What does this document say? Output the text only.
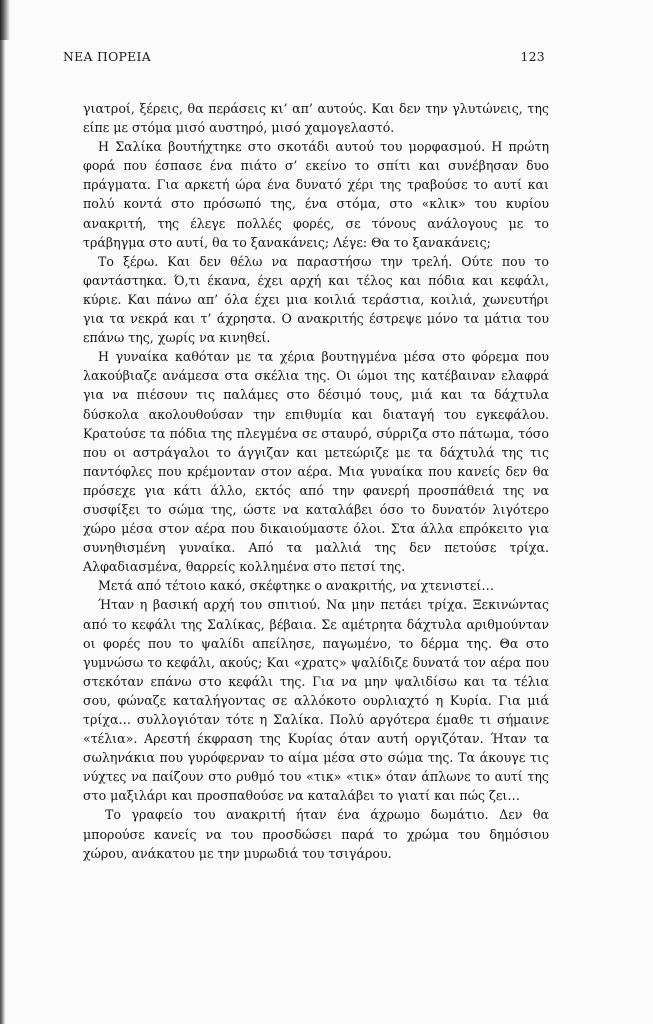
ΝΕΑ ΠΟΡΕΙΑ	123

γιατροί, ξέρεις, θα περάσεις κι’ απ’ αυτούς. Και δεν την γλυτώνεις, της είπε με στόμα μισό αυστηρό, μισό χαμογελαστό.

Η Σαλίκα βουτήχτηκε στο σκοτάδι αυτού του μορφασμού. Η πρώτη φορά που έσπασε ένα πιάτο σ’ εκείνο το σπίτι και συνέβησαν δυο πράγματα. Για αρκετή ώρα ένα δυνατό χέρι της τραβούσε το αυτί και πολύ κοντά στο πρόσωπό της, ένα στόμα, στο «κλικ» του κυρίου ανακριτή, της έλεγε πολλές φορές, σε τόνους ανάλογους με το τράβηγμα στο αυτί, θα το ξανακάνεις; Λέγε: Θα το ξανακάνεις;

Το ξέρω. Και δεν θέλω να παραστήσω την τρελή. Ούτε που το φαντάστηκα. Ό,τι έκανα, έχει αρχή και τέλος και πόδια και κεφάλι, κύριε. Και πάνω απ’ όλα έχει μια κοιλιά τεράστια, κοιλιά, χωνευτήρι για τα νεκρά και τ’ άχρηστα. Ο ανακριτής έστρεψε μόνο τα μάτια του επάνω της, χωρίς να κινηθεί.

Η γυναίκα καθόταν με τα χέρια βουτηγμένα μέσα στο φόρεμα που λακούβιαζε ανάμεσα στα σκέλια της. Οι ώμοι της κατέβαιναν ελαφρά για να πιέσουν τις παλάμες στο δέσιμό τους, μιά και τα δάχτυλα δύσκολα ακολουθούσαν την επιθυμία και διαταγή του εγκεφάλου. Κρατούσε τα πόδια της πλεγμένα σε σταυρό, σύρριζα στο πάτωμα, τόσο που οι αστράγαλοι το άγγιζαν και μετεώριζε με τα δάχτυλά της τις παντόφλες που κρέμονταν στον αέρα. Μια γυναίκα που κανείς δεν θα πρόσεχε για κάτι άλλο, εκτός από την φανερή προσπάθειά της να συσφίξει το σώμα της, ώστε να καταλάβει όσο το δυνατόν λιγότερο χώρο μέσα στον αέρα που δικαιούμαστε όλοι. Στα άλλα επρόκειτο για συνηθισμένη γυναίκα. Από τα μαλλιά της δεν πετούσε τρίχα. Αλφαδιασμένα, θαρρείς κολλημένα στο πετσί της.

Μετά από τέτοιο κακό, σκέφτηκε ο ανακριτής, να χτενιστεί…

Ήταν η βασική αρχή του σπιτιού. Να μην πετάει τρίχα. Ξεκινώντας από το κεφάλι της Σαλίκας, βέβαια. Σε αμέτρητα δάχτυλα αριθμούνταν οι φορές που το ψαλίδι απείλησε, παγωμένο, το δέρμα της. Θα στο γυμνώσω το κεφάλι, ακούς; Και «χρατς» ψαλίδιζε δυνατά τον αέρα που στεκόταν επάνω στο κεφάλι της. Για να μην ψαλιδίσω και τα τέλια σου, φώναζε καταλήγοντας σε αλλόκοτο ουρλιαχτό η Κυρία. Για μιά τρίχα… συλλογιόταν τότε η Σαλίκα. Πολύ αργότερα έμαθε τι σήμαινε «τέλια». Αρεστή έκφραση της Κυρίας όταν αυτή οργιζόταν. Ήταν τα σωληνάκια που γυρόφερναν το αίμα μέσα στο σώμα της. Τα άκουγε τις νύχτες να παίζουν στο ρυθμό του «τικ» «τικ» όταν άπλωνε το αυτί της στο μαξιλάρι και προσπαθούσε να καταλάβει το γιατί και πώς ζει…

Το γραφείο του ανακριτή ήταν ένα άχρωμο δωμάτιο. Δεν θα μπορούσε κανείς να του προσδώσει παρά το χρώμα του δημόσιου χώρου, ανάκατου με την μυρωδιά του τσιγάρου.
